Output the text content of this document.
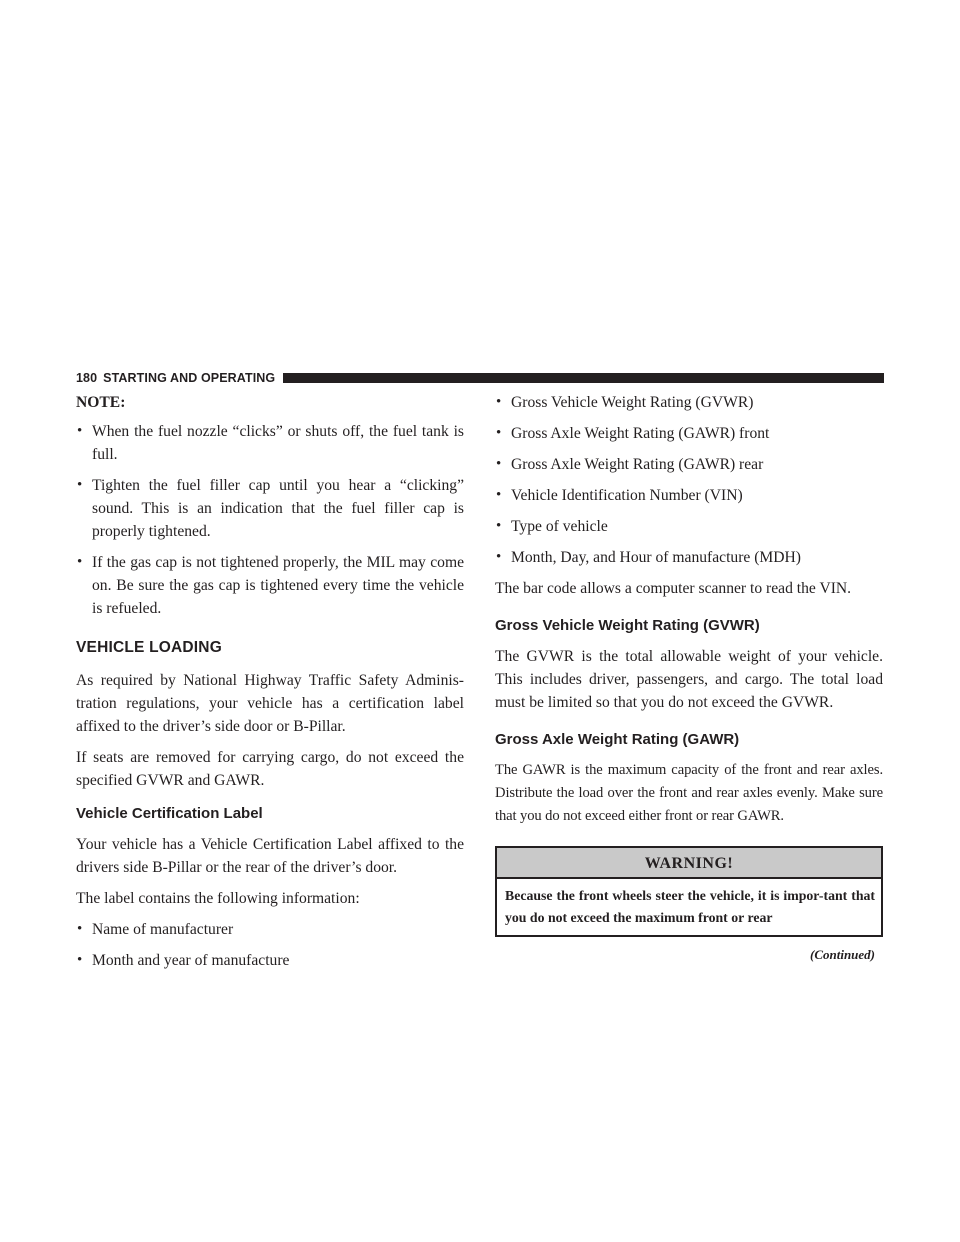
180 STARTING AND OPERATING
NOTE:
• When the fuel nozzle “clicks” or shuts off, the fuel tank is full.
• Tighten the fuel filler cap until you hear a “clicking” sound. This is an indication that the fuel filler cap is properly tightened.
• If the gas cap is not tightened properly, the MIL may come on. Be sure the gas cap is tightened every time the vehicle is refueled.
VEHICLE LOADING

As required by National Highway Traffic Safety Adminis-tration regulations, your vehicle has a certification label affixed to the driver’s side door or B-Pillar.

If seats are removed for carrying cargo, do not exceed the specified GVWR and GAWR.

Vehicle Certification Label

Your vehicle has a Vehicle Certification Label affixed to the drivers side B-Pillar or the rear of the driver’s door.

The label contains the following information:

• Name of manufacturer
• Month and year of manufacture
• Gross Vehicle Weight Rating (GVWR)
• Gross Axle Weight Rating (GAWR) front
• Gross Axle Weight Rating (GAWR) rear
• Vehicle Identification Number (VIN)
• Type of vehicle
• Month, Day, and Hour of manufacture (MDH)

The bar code allows a computer scanner to read the VIN.

Gross Vehicle Weight Rating (GVWR)

The GVWR is the total allowable weight of your vehicle. This includes driver, passengers, and cargo. The total load must be limited so that you do not exceed the GVWR.

Gross Axle Weight Rating (GAWR)

The GAWR is the maximum capacity of the front and rear axles. Distribute the load over the front and rear axles evenly. Make sure that you do not exceed either front or rear GAWR.

WARNING!
Because the front wheels steer the vehicle, it is impor-tant that you do not exceed the maximum front or rear
(Continued)
